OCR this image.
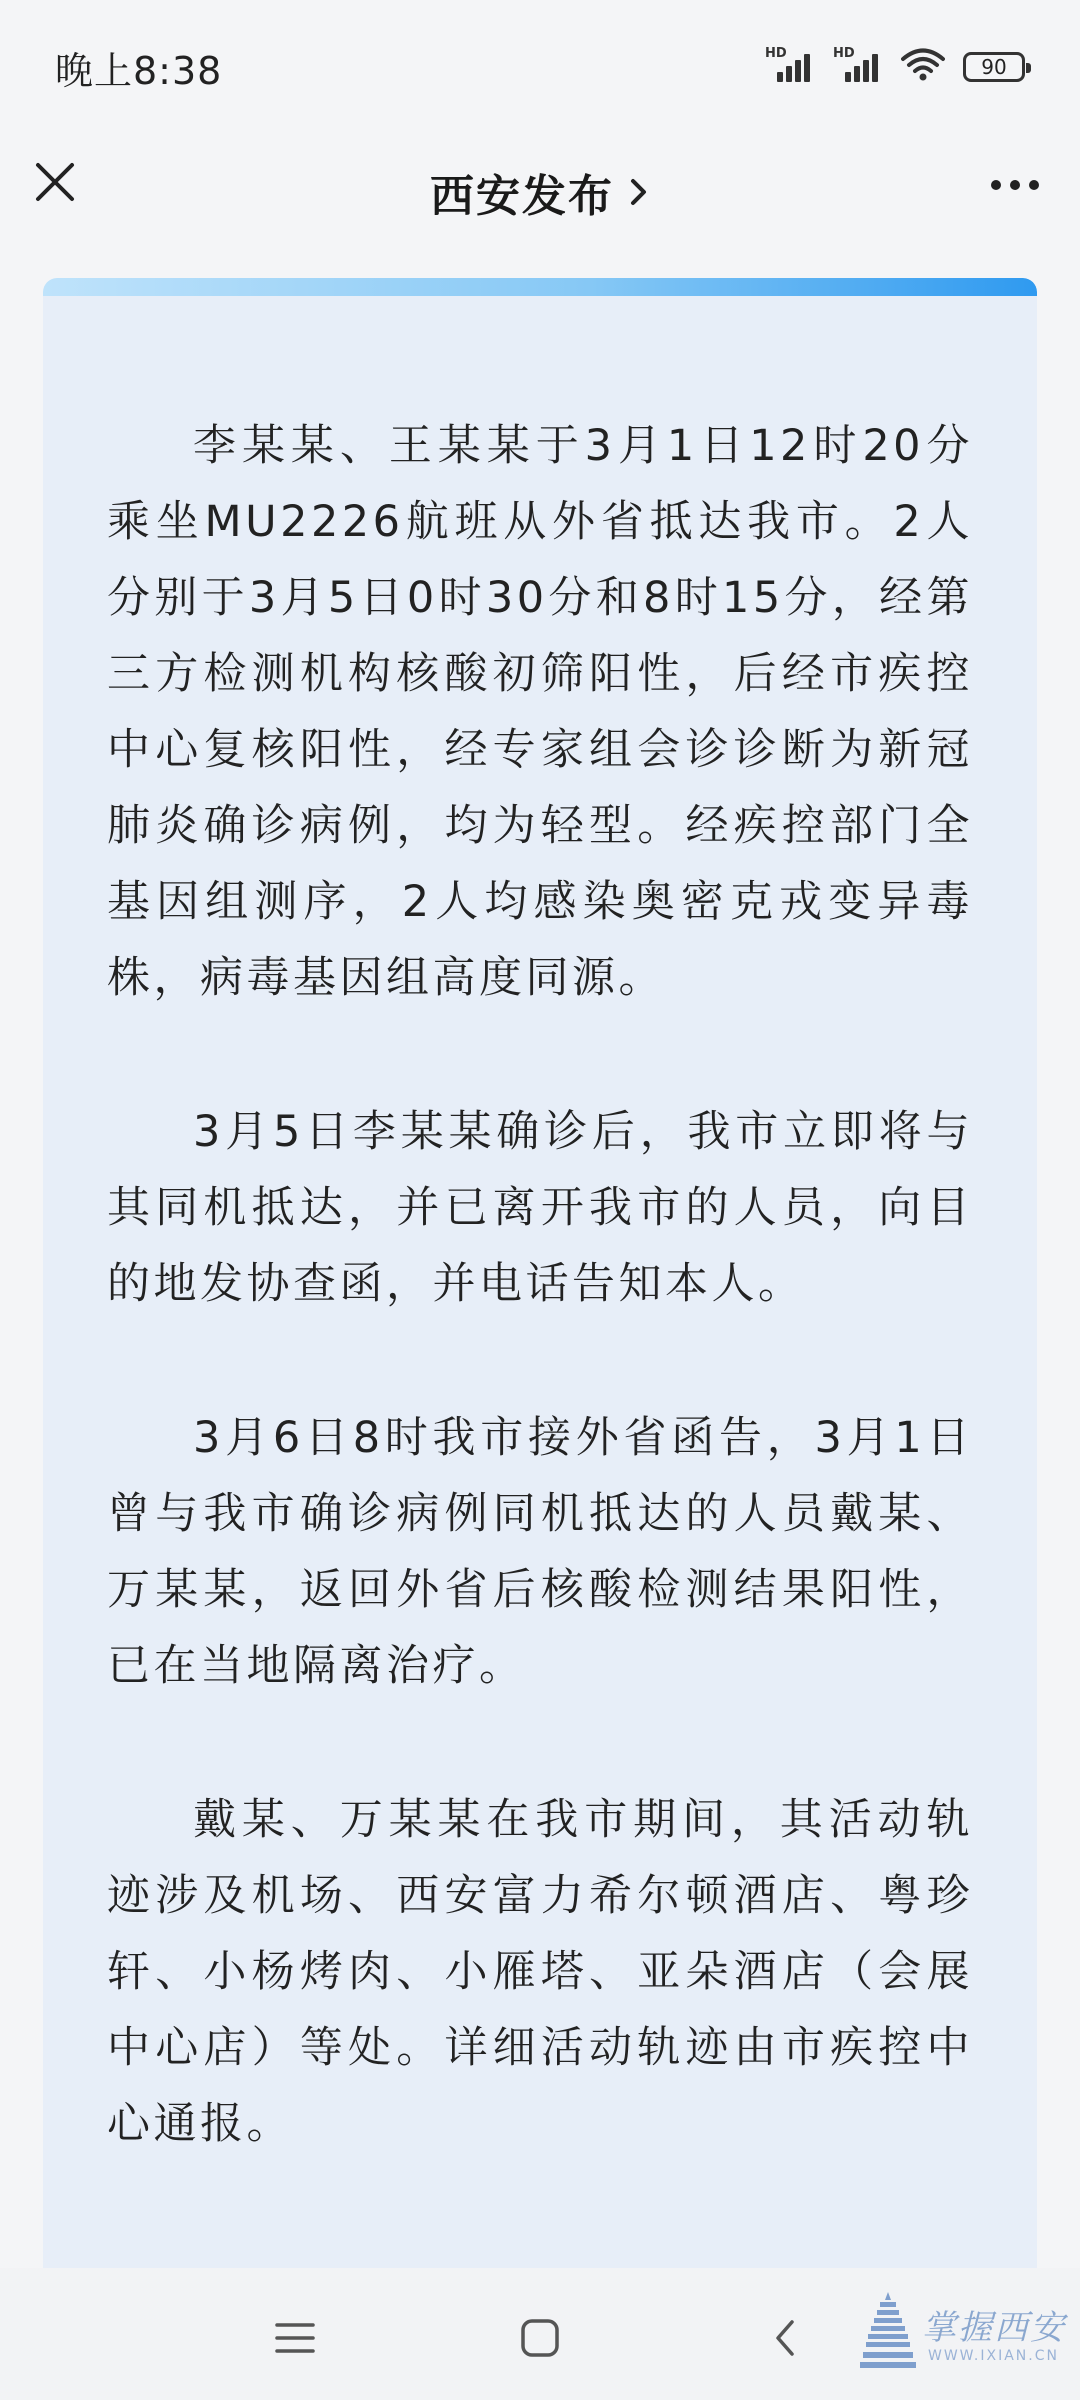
晚上8:38	HD	HD
90
西安发布

李某某、王某某于3月1日12时20分乘坐MU2226航班从外省抵达我市。2人分别于3月5日0时30分和8时15分，经第三方检测机构核酸初筛阳性，后经市疾控中心复核阳性，经专家组会诊诊断为新冠肺炎确诊病例，均为轻型。经疾控部门全基因组测序，2人均感染奥密克戎变异毒株，病毒基因组高度同源。

3月5日李某某确诊后，我市立即将与其同机抵达，并已离开我市的人员，向目的地发协查函，并电话告知本人。

3月6日8时我市接外省函告，3月1日曾与我市确诊病例同机抵达的人员戴某、万某某，返回外省后核酸检测结果阳性，已在当地隔离治疗。

戴某、万某某在我市期间，其活动轨迹涉及机场、西安富力希尔顿酒店、粤珍轩、小杨烤肉、小雁塔、亚朵酒店（会展中心店）等处。详细活动轨迹由市疾控中心通报。

掌握西安
WWW.IXIAN.CN
